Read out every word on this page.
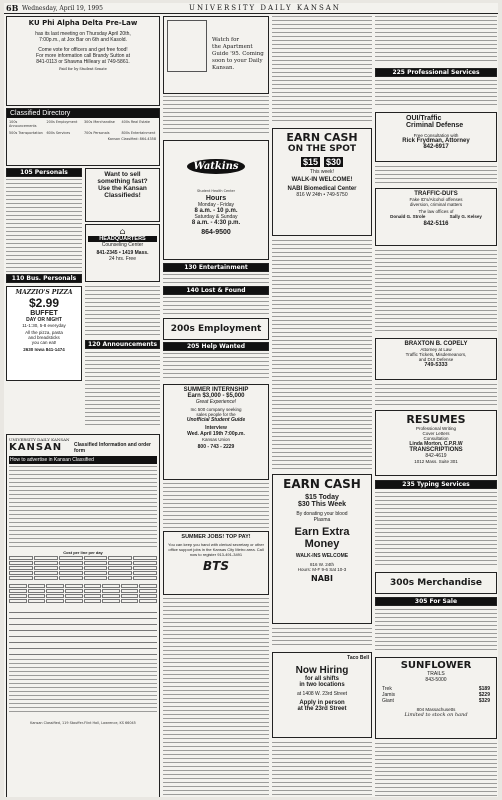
6B Wednesday, April 19, 1995	UNIVERSITY DAILY KANSAN
KU Phi Alpha Delta Pre-Law
has its last meeting on Thursday April 20th,
7:00p.m., at Jox Bar on 6th and Kasold.
Come vote for officers and get free food!
For more information call Brandy Sutton at
841-0113 or Shawna Hilleary at 749-5861.
Paid for by Student Senate
Classified Directory
100s Announcements
200s Employment	300s Merchandise	400s Real Estate
500s Transportation	600s Services	700s Personals	800s Entertainment
Kansan Classified: 864-4358
105 Personals	Want to sell
something fast?
Use the Kansan
Classifieds!
⌂
HEADQUARTERS
Counseling Center
841-2345 • 1419 Mass.
24 hrs. Free
110 Bus. Personals
MAZZIO'S PIZZA
$2.99
BUFFET
DAY OR NIGHT
11-1:30, 5-8 everyday
All the pizza, pasta
and breadsticks
you can eat!
2630 Iowa 841-1474
120 Announcements
UNIVERSITY DAILY KANSAN
KANSAN	Classified Information and order form
How to advertise in Kansan Classified
Cost per line per day
Kansan Classified, 119 Stauffer-Flint Hall, Lawrence, KS 66045
Watch for
the Apartment
Guide '95. Coming
soon to your Daily Kansan.
Watkins
Student Health Center
Hours
Monday - Friday
8 a.m. - 10 p.m.
Saturday & Sunday
8 a.m. - 4:30 p.m.
864-9500
130 Entertainment
140 Lost & Found
200s Employment
205 Help Wanted
SUMMER INTERNSHIP
Earn $3,000 - $5,000
Great Experience!
Inc 500 company seeking
sales people for the
Unofficial Student Guide
Interview
Wed. April 19th 7:00p.m.
Kansas Union
800 - 743 - 2229
SUMMER JOBS! TOP PAY!
You can keep you hand with clerical secretary or other office support jobs in the Kansas City Metro area. Call now to register 913-491-3491
BTS
EARN CASH
ON THE SPOT
$15 $30
This week!
WALK-IN WELCOME!
NABI Biomedical Center
816 W 24th • 749-5750
EARN CASH
$15 Today
$30 This Week
By donating your blood
Plasma
Earn Extra
Money
WALK-INS WELCOME
816 W. 24th
Hours: M-F 9-6 Sat 10-3
NABI
Taco Bell
Now Hiring
for all shifts
in two locations
at 1408 W. 23rd Street
Apply in person
at the 23rd Street
225 Professional Services
OUI/Traffic
Criminal Defense
Free Consultation with
Rick Frydman, Attorney
842-6917
TRAFFIC-DUI'S
Fake ID's/Alcohol offenses
diversion, criminal matters
The law offices of
Donald G. Strole	Sally G. Kelsey
842-5116
BRAXTON B. COPELY
Attorney at Law
Traffic Tickets, Misdemeanors,
and DUI Defense
749-5333
RESUMES
Professional Writing
Cover Letters
Consultation
Linda Morton, C.P.R.W
TRANSCRIPTIONS
842-4619
1012 Mass. Suite 301
235 Typing Services
300s Merchandise
305 For Sale
SUNFLOWER
TRAILS
843-5000
Trek	$189
Jamis	$229
Giant	$329
804 Massachusetts
Limited to stock on hand
